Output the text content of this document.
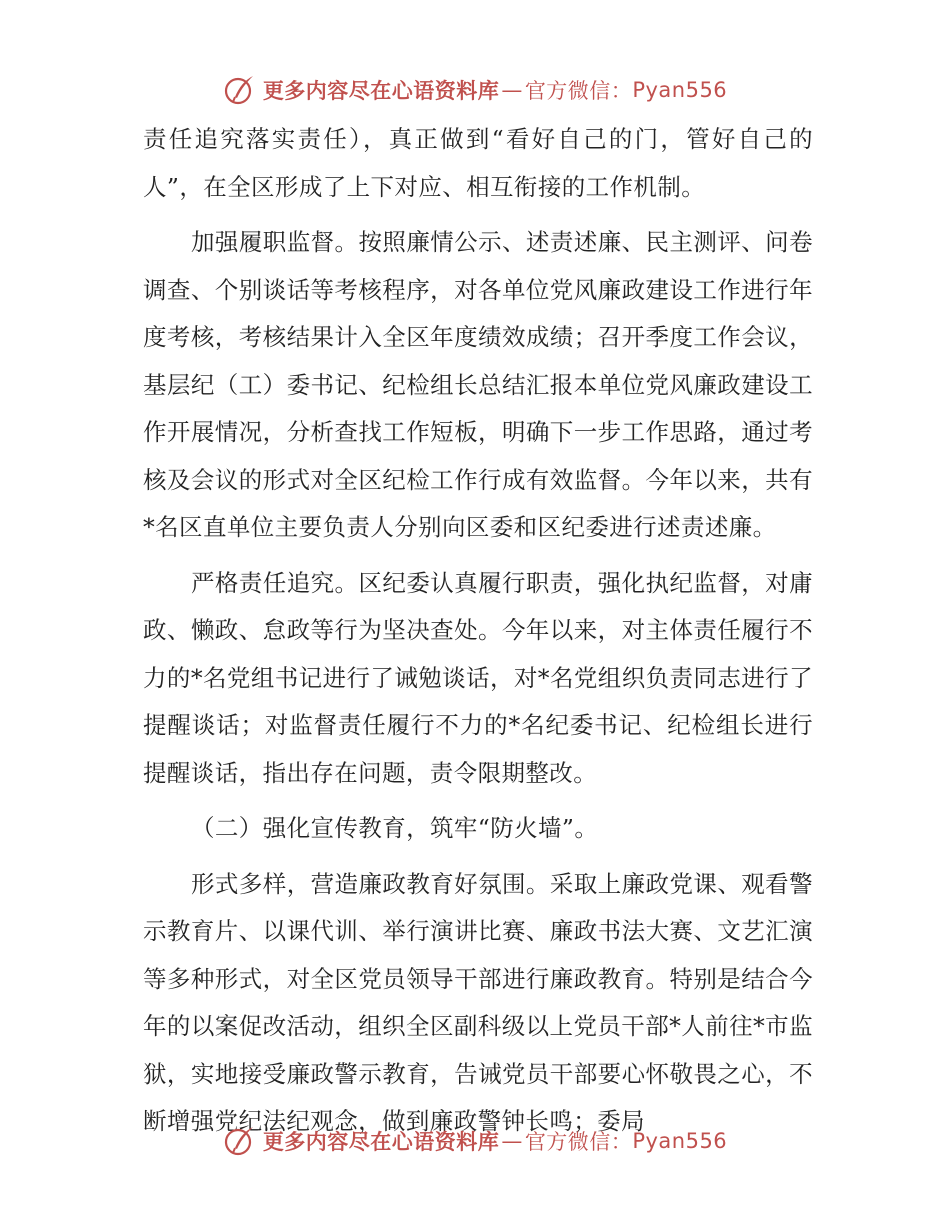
更多内容尽在心语资料库 — 官方微信： Pyan556

责任追究落实责任），真正做到“看好自己的门，管好自己的人”，在全区形成了上下对应、相互衔接的工作机制。

加强履职监督。按照廉情公示、述责述廉、民主测评、问卷调查、个别谈话等考核程序，对各单位党风廉政建设工作进行年度考核，考核结果计入全区年度绩效成绩；召开季度工作会议，基层纪（工）委书记、纪检组长总结汇报本单位党风廉政建设工作开展情况，分析查找工作短板，明确下一步工作思路，通过考核及会议的形式对全区纪检工作行成有效监督。今年以来，共有*名区直单位主要负责人分别向区委和区纪委进行述责述廉。

严格责任追究。区纪委认真履行职责，强化执纪监督，对庸政、懒政、怠政等行为坚决查处。今年以来，对主体责任履行不力的*名党组书记进行了诫勉谈话，对*名党组织负责同志进行了提醒谈话；对监督责任履行不力的*名纪委书记、纪检组长进行提醒谈话，指出存在问题，责令限期整改。

（二）强化宣传教育，筑牢“防火墙”。

形式多样，营造廉政教育好氛围。采取上廉政党课、观看警示教育片、以课代训、举行演讲比赛、廉政书法大赛、文艺汇演等多种形式，对全区党员领导干部进行廉政教育。特别是结合今年的以案促改活动，组织全区副科级以上党员干部*人前往*市监狱，实地接受廉政警示教育，告诫党员干部要心怀敬畏之心，不断增强党纪法纪观念，做到廉政警钟长鸣；委局

更多内容尽在心语资料库 — 官方微信： Pyan556
